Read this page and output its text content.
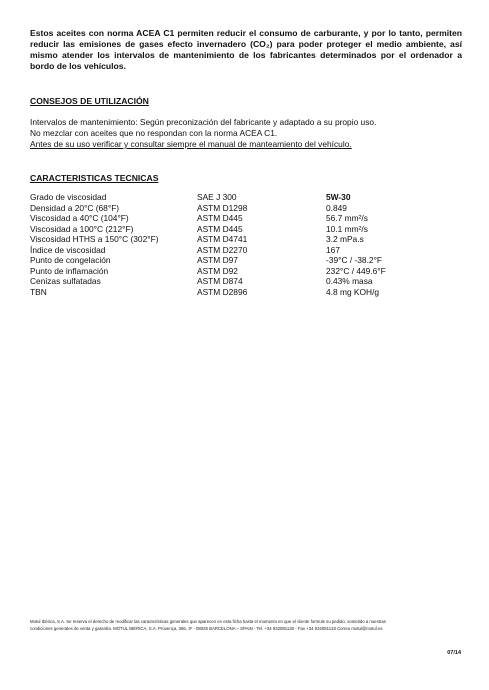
Estos aceites con norma ACEA C1 permiten reducir el consumo de carburante, y por lo tanto, permiten reducir las emisiones de gases efecto invernadero (CO₂) para poder proteger el medio ambiente, así mismo atender los intervalos de mantenimiento de los fabricantes determinados por el ordenador a bordo de los vehículos.

CONSEJOS DE UTILIZACIÓN

Intervalos de mantenimiento: Según preconización del fabricante y adaptado a su propio uso.

No mezclar con aceites que no respondan con la norma ACEA C1.

Antes de su uso verificar y consultar siempre el manual de manteamiento del vehículo.

CARACTERISTICAS TECNICAS
Grado de viscosidad	SAE J 300	5W-30
Densidad a 20°C (68°F)	ASTM D1298	0.849
Viscosidad a 40°C (104°F)	ASTM D445	56.7 mm²/s
Viscosidad a 100°C (212°F)	ASTM D445	10.1 mm²/s
Viscosidad HTHS a 150°C (302°F)	ASTM D4741	3.2 mPa.s
Índice de viscosidad	ASTM D2270	167
Punto de congelación	ASTM D97	-39°C / -38.2°F
Punto de inflamación	ASTM D92	232°C / 449.6°F
Cenizas sulfatadas	ASTM D874	0.43% masa
TBN	ASTM D2896	4.8 mg KOH/g

Motul Ibérica, S.A. Se reserva el derecho de modificar las características generales que aparecen en esta ficha hasta el momento en que el cliente formule su pedido, sometido a nuestras

condiciones generales de venta y garantía. MOTUL IBÉRICA, S.A. Provença, 386, 3º - 08025 BARCELONA – SPAIN - Tel. +34 932081130 - Fax +34 932081133 Correo motul@motul.es

07/14
